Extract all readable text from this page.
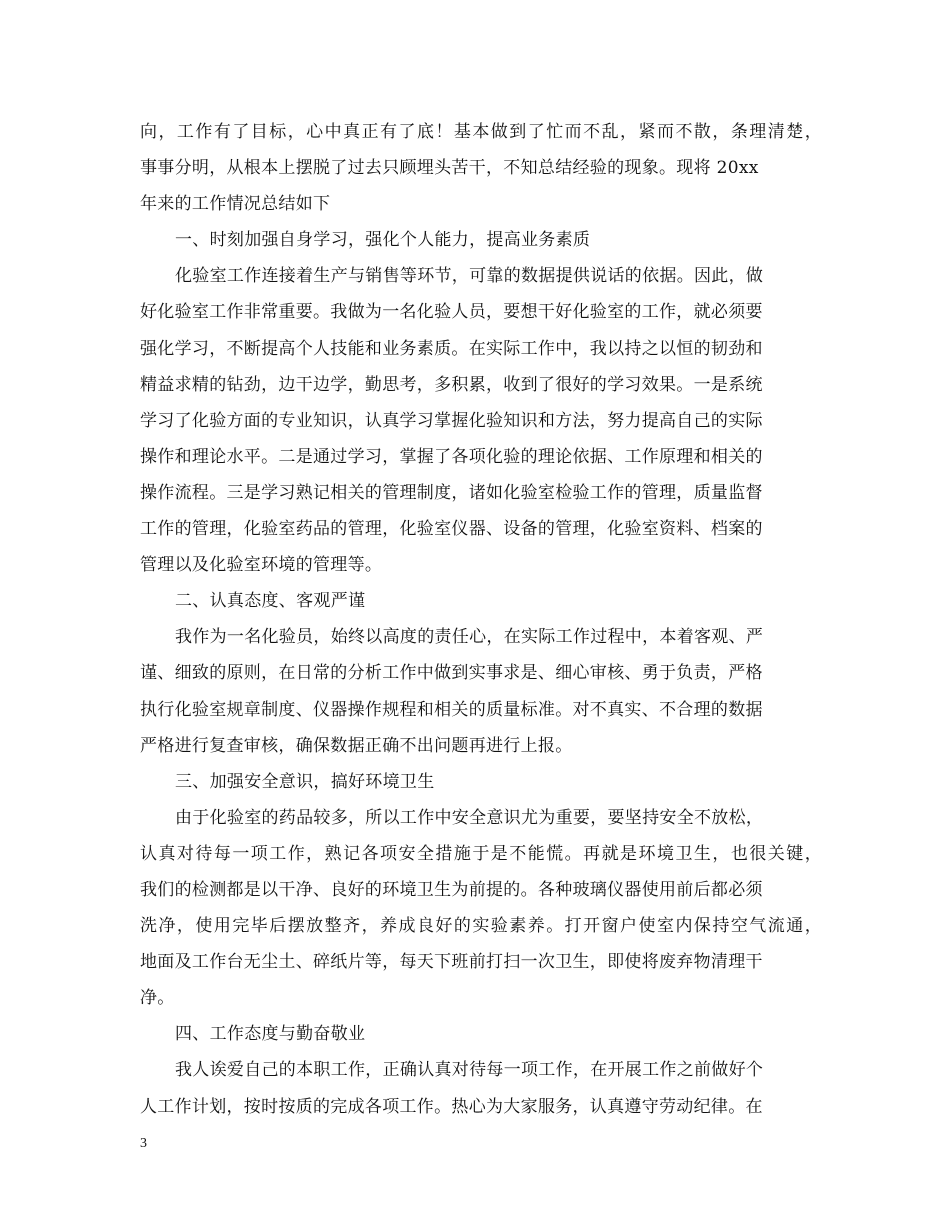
向，工作有了目标，心中真正有了底！基本做到了忙而不乱，紧而不散，条理清楚，
事事分明，从根本上摆脱了过去只顾埋头苦干，不知总结经验的现象。现将 20xx
年来的工作情况总结如下
一、时刻加强自身学习，强化个人能力，提高业务素质
化验室工作连接着生产与销售等环节，可靠的数据提供说话的依据。因此，做
好化验室工作非常重要。我做为一名化验人员，要想干好化验室的工作，就必须要
强化学习，不断提高个人技能和业务素质。在实际工作中，我以持之以恒的韧劲和
精益求精的钻劲，边干边学，勤思考，多积累，收到了很好的学习效果。一是系统
学习了化验方面的专业知识，认真学习掌握化验知识和方法，努力提高自己的实际
操作和理论水平。二是通过学习，掌握了各项化验的理论依据、工作原理和相关的
操作流程。三是学习熟记相关的管理制度，诸如化验室检验工作的管理，质量监督
工作的管理，化验室药品的管理，化验室仪器、设备的管理，化验室资料、档案的
管理以及化验室环境的管理等。
二、认真态度、客观严谨
我作为一名化验员，始终以高度的责任心，在实际工作过程中，本着客观、严
谨、细致的原则，在日常的分析工作中做到实事求是、细心审核、勇于负责，严格
执行化验室规章制度、仪器操作规程和相关的质量标准。对不真实、不合理的数据
严格进行复查审核，确保数据正确不出问题再进行上报。
三、加强安全意识，搞好环境卫生
由于化验室的药品较多，所以工作中安全意识尤为重要，要坚持安全不放松，
认真对待每一项工作，熟记各项安全措施于是不能慌。再就是环境卫生，也很关键，
我们的检测都是以干净、良好的环境卫生为前提的。各种玻璃仪器使用前后都必须
洗净，使用完毕后摆放整齐，养成良好的实验素养。打开窗户使室内保持空气流通，
地面及工作台无尘土、碎纸片等，每天下班前打扫一次卫生，即使将废弃物清理干
净。
四、工作态度与勤奋敬业
我人诶爱自己的本职工作，正确认真对待每一项工作，在开展工作之前做好个
人工作计划，按时按质的完成各项工作。热心为大家服务，认真遵守劳动纪律。在
3
